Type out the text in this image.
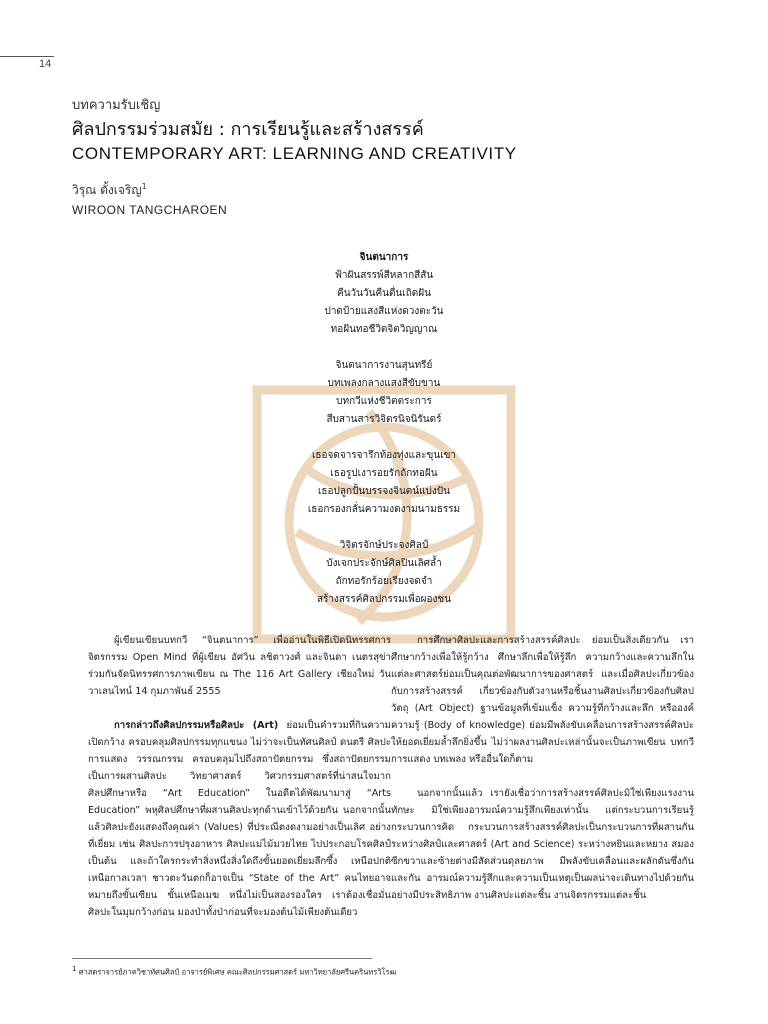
14
บทความรับเชิญ
ศิลปกรรมร่วมสมัย : การเรียนรู้และสร้างสรรค์
CONTEMPORARY ART: LEARNING AND CREATIVITY
วิรุณ ตั้งเจริญ$^1$
WIROON TANGCHAROEN
จินตนาการ
ฟ้าฝันสรรพ์สีหลากสีสัน
คืนวันวันคืนตื่นเถิดฝัน
ปาดป้ายแสงสีแห่งดวงตะวัน
ทอฝันทอชีวิตจิตวิญญาณ
จินตนาการงานสุนทรีย์
บทเพลงกลางแสงสีขับขาน
บทกวีแห่งชีวิตตระการ
สืบสานสารวิจิตรนิจนิรันดร์
เธอจดจารจารึกท้องทุ่งและขุนเขา
เธอรูปเงารอยรักถักทอฝัน
เธอปลูกปั้นบรรจงจินตน์แบ่งปัน
เธอกรองกลั่นความงดงามนามธรรม
วิจิตรจักษ์ประจงศิลป์
บังเจกประจักษ์ศิลปินเลิศล้ำ
ถักทอรักร้อยเรียงจดจำ
สร้างสรรค์ศิลปกรรมเพื่อผองชน

ผู้เขียนเขียนบทกวี “จินตนาการ” เพื่ออ่านในพิธีเปิดนิทรรศการจิตรกรรม Open Mind ที่ผู้เขียน อัศวิน ลชิตาวงศ์ และจินดา เนตรสุข่า ร่วมกันจัดนิทรรศการภาพเขียน ณ The 116 Art Gallery เชียงใหม่ วันวาเลนไทน์ 14 กุมภาพันธ์ 2555

การกล่าวถึงศิลปกรรมหรือศิลปะ (Art) ย่อมเป็นคำรวมที่กินความเปิดกว้าง ครอบคลุมศิลปกรรมทุกแขนง ไม่ว่าจะเป็นทัศนศิลป์ ดนตรี ศิลปะการแสดง วรรณกรรม ครอบคลุมไปถึงสถาปัตยกรรม ซึ่งสถาปัตยกรรมเป็นการผสานศิลปะ วิทยาศาสตร์ วิศวกรรมศาสตร์ที่น่าสนใจมาก ศิลปศึกษาหรือ “Art Education” ในอดีตได้พัฒนามาสู่ “Arts Education” พหุศิลปศึกษาที่ผสานศิลปะทุกด้านเข้าไว้ด้วยกัน นอกจากนั้นแล้วศิลปะยังแสดงถึงคุณค่า (Values) ที่ประณีตงดงามอย่างเป็นเลิศ อย่างที่เยี่ยม เช่น ศิลปะการปรุงอาหาร ศิลปะแม่ไม้มวยไทย ไปประกอบโรคศิลป์ เป็นต้น และถ้าใครกระทำสิ่งหนึ่งสิ่งใดถึงขั้นยอดเยี่ยมลึกซึ้ง เหนือปกติ เหนือกาลเวลา ชาวตะวันตกก็อาจเป็น “State of the Art” คนไทยอาจหมายถึงขั้นเซียน ขั้นเหนือเมฆ หนึ่งไม่เป็นสองรองใคร เราต้องเชื่อมั่นศิลปะในมุมกว้างก่อน มองป่าทั้งป่าก่อนที่จะมองต้นไม้เพียงต้นเดียว

การศึกษาศิลปะและการสร้างสรรค์ศิลปะ ย่อมเป็นสิ่งเดียวกัน เราศึกษากว้างเพื่อให้รู้กว้าง ศึกษาลึกเพื่อให้รู้ลึก ความกว้างและความลึกในแต่ละศาสตร์ย่อมเป็นคุณต่อพัฒนาการของศาสตร์ และเมื่อศิลปะเกี่ยวข้องกับการสร้างสรรค์ เกี่ยวข้องกับตัวงานหรือชิ้นงานศิลปะเกี่ยวข้องกับศิลปวัตถุ (Art Object) ฐานข้อมูลที่เข้มแข็ง ความรู้ที่กว้างและลึก หรือองค์ความรู้ (Body of knowledge) ย่อมมีพลังขับเคลื่อนการสร้างสรรค์ศิลปะให้ยอดเยี่ยมล้ำลึกยิ่งขึ้น ไม่ว่าผลงานศิลปะเหล่านั้นจะเป็นภาพเขียน บทกวี การแสดง บทเพลง หรืออื่นใดก็ตาม

นอกจากนั้นแล้ว เรายังเชื่อว่าการสร้างสรรค์ศิลปะมิใช่เพียงแรงงาน ทักษะ มิใช่เพียงอารมณ์ความรู้สึกเพียงเท่านั้น แต่กระบวนการเรียนรู้ กระบวนการคิด กระบวนการสร้างสรรค์ศิลปะเป็นกระบวนการที่ผสานกันระหว่างศิลป์และศาสตร์ (Art and Science) ระหว่างหยินและหยาง สมองซีกขวาและซ้ายต่างมีสัดส่วนดุลยภาพ มีพลังขับเคลื่อนและผลักดันซึ่งกันและกัน อารมณ์ความรู้สึกและความเป็นเหตุเป็นผลน่าจะเดินทางไปด้วยกันอย่างมีประสิทธิภาพ งานศิลปะแต่ละชิ้น งานจิตรกรรมแต่ละชิ้น

$^1$ ศาสตราจารย์ภาควิชาทัศนศิลป์ อาจารย์พิเศษ คณะศิลปกรรมศาสตร์ มหาวิทยาลัยศรีนครินทรวิโรฒ
